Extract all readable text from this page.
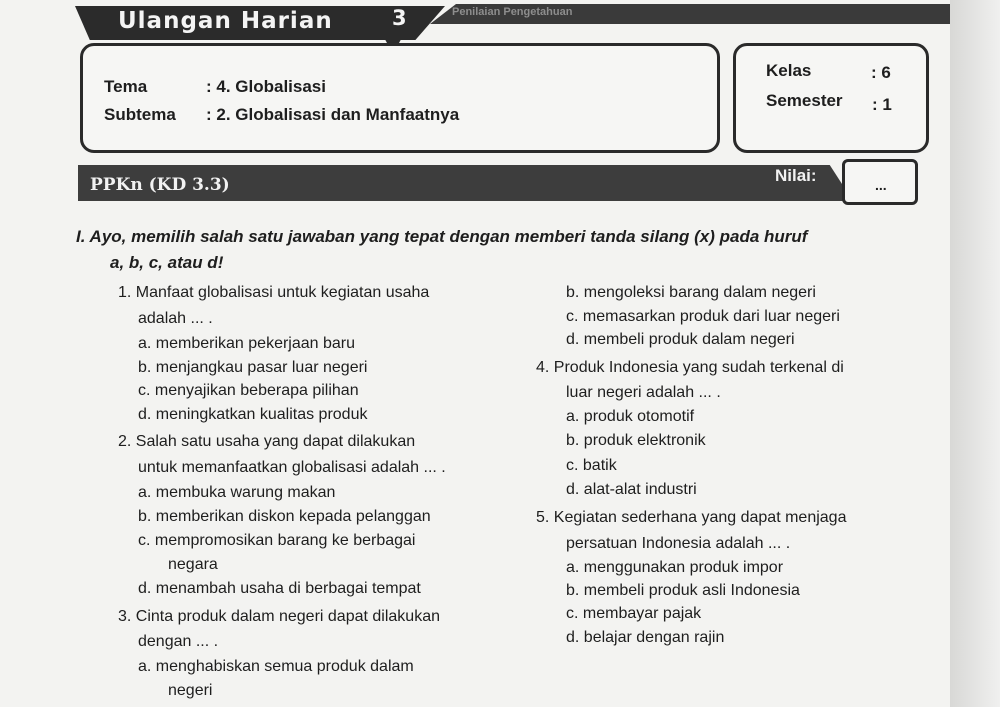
Ulangan Harian	3	Penilaian Pengetahuan
Tema	: 4. Globalisasi
Subtema : 2. Globalisasi dan Manfaatnya
Kelas	: 6
Semester : 1
PPKn (KD 3.3)	Nilai:	...
I. Ayo, memilih salah satu jawaban yang tepat dengan memberi tanda silang (x) pada huruf
a, b, c, atau d!
1. Manfaat globalisasi untuk kegiatan usaha
adalah ... .
a. memberikan pekerjaan baru
b. menjangkau pasar luar negeri
c. menyajikan beberapa pilihan
d. meningkatkan kualitas produk
2. Salah satu usaha yang dapat dilakukan
untuk memanfaatkan globalisasi adalah ... .
a. membuka warung makan
b. memberikan diskon kepada pelanggan
c. mempromosikan barang ke berbagai
negara
d. menambah usaha di berbagai tempat
3. Cinta produk dalam negeri dapat dilakukan
dengan ... .
a. menghabiskan semua produk dalam
negeri
b. mengoleksi barang dalam negeri
c. memasarkan produk dari luar negeri
d. membeli produk dalam negeri
4. Produk Indonesia yang sudah terkenal di
luar negeri adalah ... .
a. produk otomotif
b. produk elektronik
c. batik
d. alat-alat industri
5. Kegiatan sederhana yang dapat menjaga
persatuan Indonesia adalah ... .
a. menggunakan produk impor
b. membeli produk asli Indonesia
c. membayar pajak
d. belajar dengan rajin
